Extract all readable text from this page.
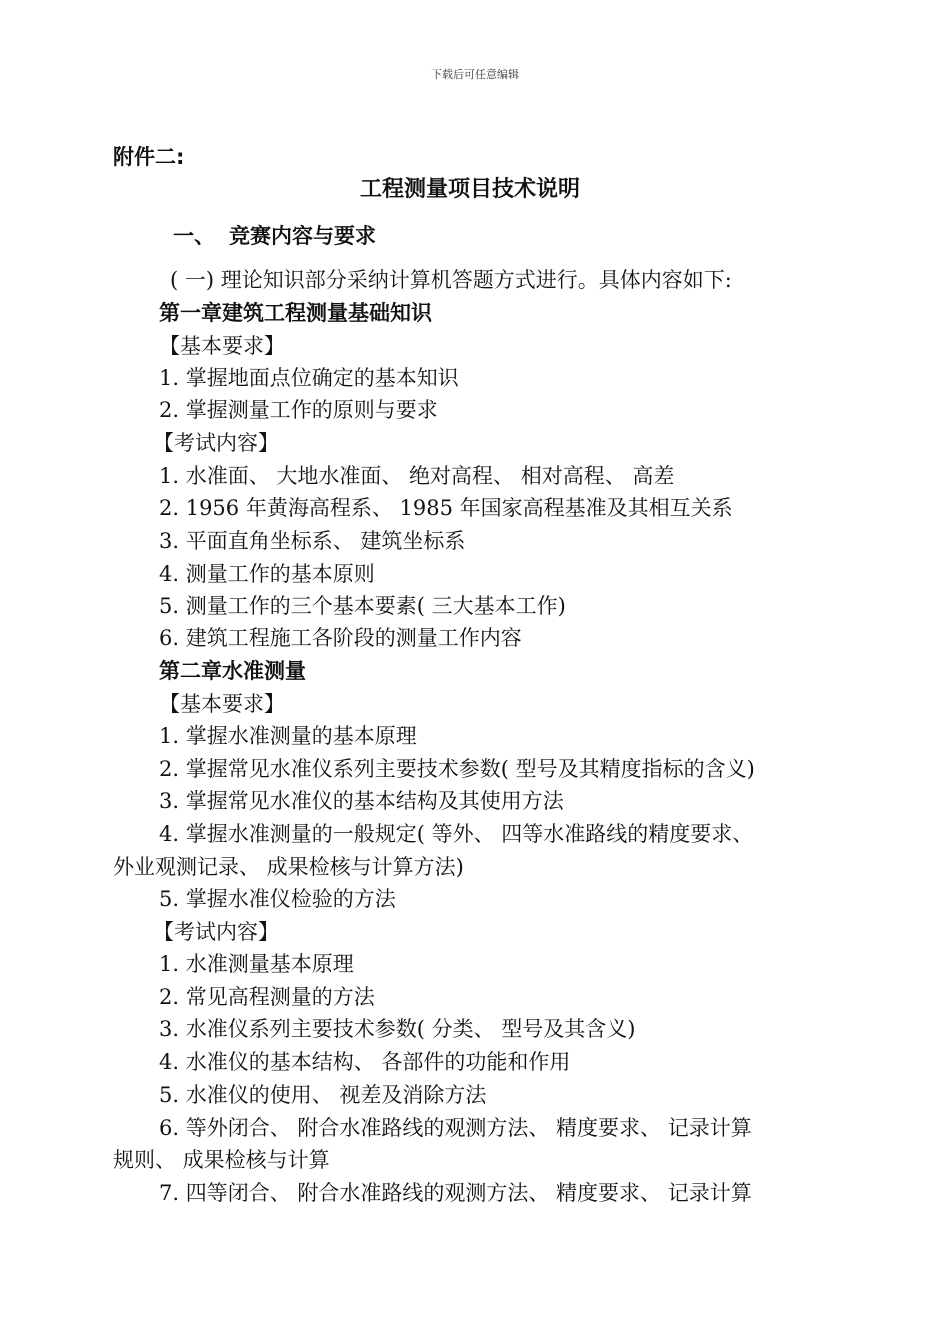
下载后可任意编辑
附件二:
工程测量项目技术说明
一、 竞赛内容与要求
( 一) 理论知识部分采纳计算机答题方式进行。具体内容如下:
第一章建筑工程测量基础知识
【基本要求】
1. 掌握地面点位确定的基本知识
2. 掌握测量工作的原则与要求
【考试内容】
1. 水准面、 大地水准面、 绝对高程、 相对高程、 高差
2. 1956 年黄海高程系、 1985 年国家高程基准及其相互关系
3. 平面直角坐标系、 建筑坐标系
4. 测量工作的基本原则
5. 测量工作的三个基本要素( 三大基本工作)
6. 建筑工程施工各阶段的测量工作内容
第二章水准测量
【基本要求】
1. 掌握水准测量的基本原理
2. 掌握常见水准仪系列主要技术参数( 型号及其精度指标的含义)
3. 掌握常见水准仪的基本结构及其使用方法
4. 掌握水准测量的一般规定( 等外、 四等水准路线的精度要求、
外业观测记录、 成果检核与计算方法)
5. 掌握水准仪检验的方法
【考试内容】
1. 水准测量基本原理
2. 常见高程测量的方法
3. 水准仪系列主要技术参数( 分类、 型号及其含义)
4. 水准仪的基本结构、 各部件的功能和作用
5. 水准仪的使用、 视差及消除方法
6. 等外闭合、 附合水准路线的观测方法、 精度要求、 记录计算
规则、 成果检核与计算
7. 四等闭合、 附合水准路线的观测方法、 精度要求、 记录计算
